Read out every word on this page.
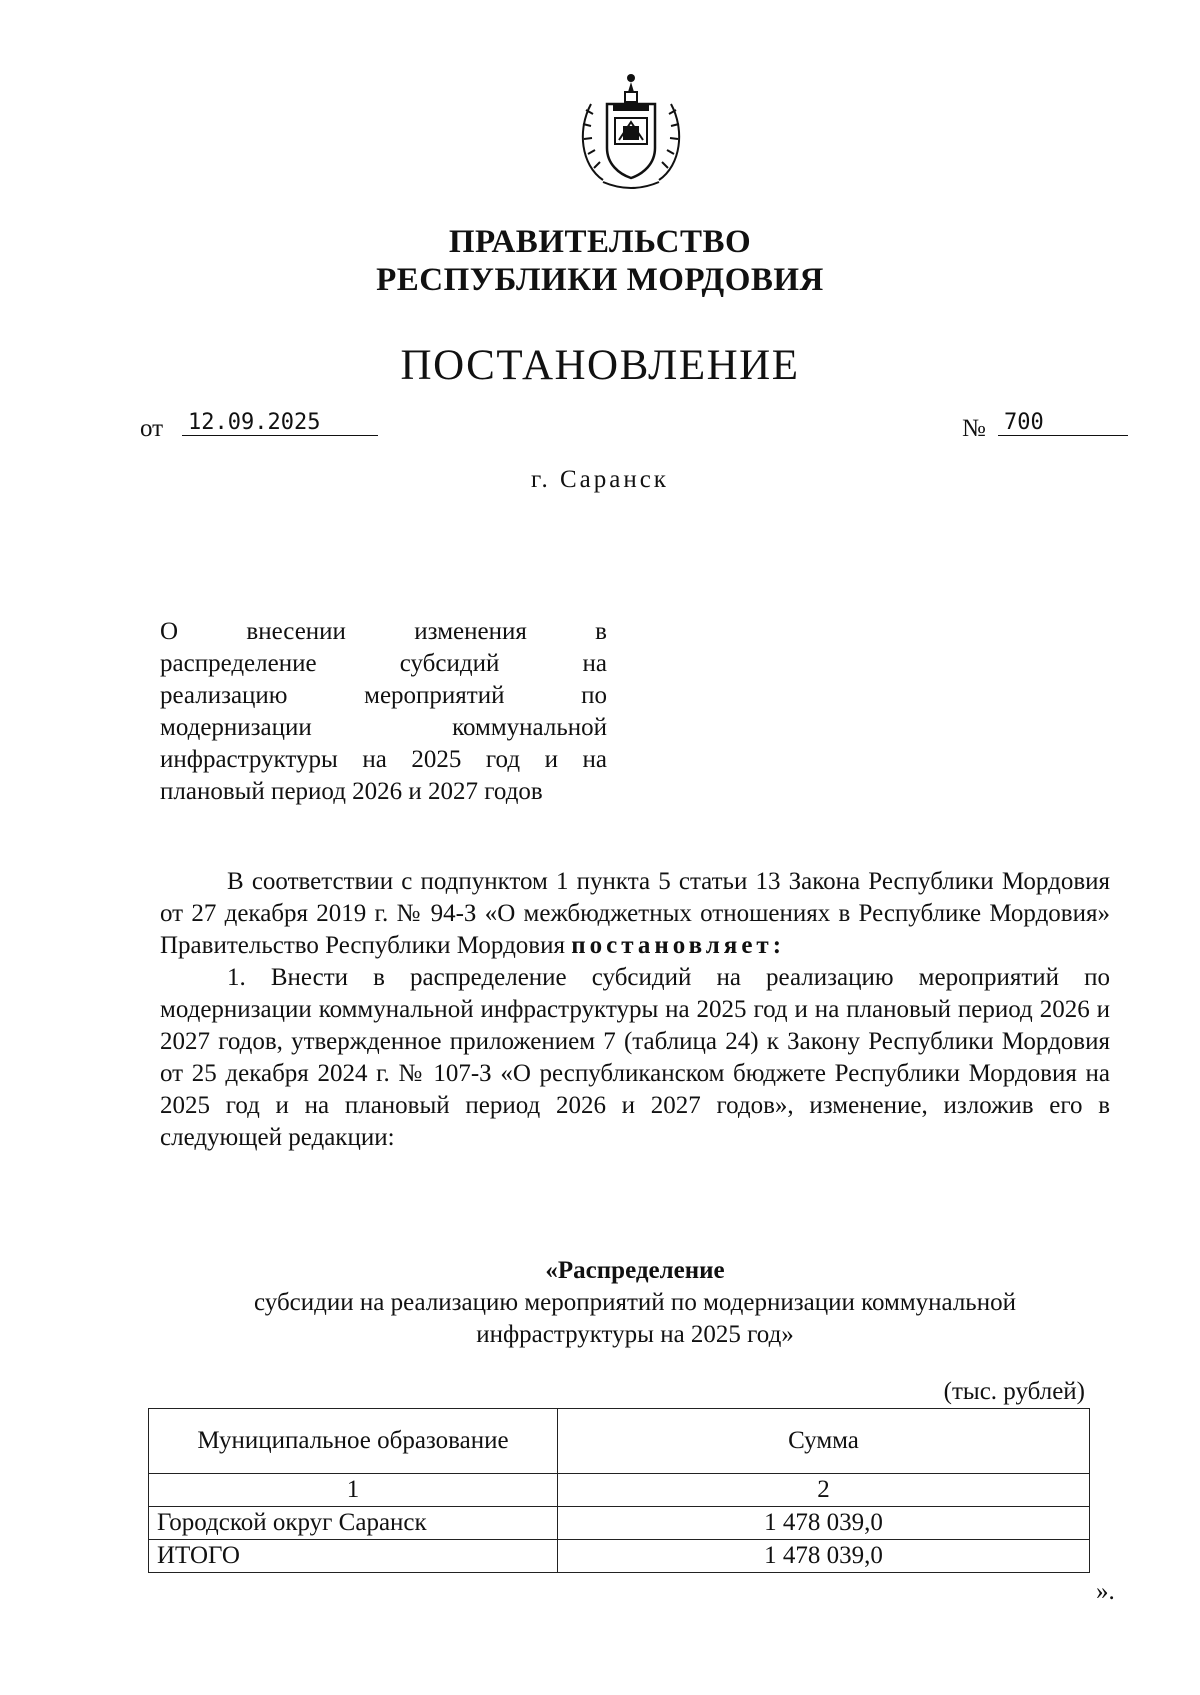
ПРАВИТЕЛЬСТВО
РЕСПУБЛИКИ МОРДОВИЯ
ПОСТАНОВЛЕНИЕ
от 12.09.2025	№ 700
г. Саранск
О внесении изменения в
распределение субсидий на
реализацию мероприятий по
модернизации коммунальной
инфраструктуры на 2025 год и на
плановый период 2026 и 2027 годов

В соответствии с подпунктом 1 пункта 5 статьи 13 Закона Республики Мордовия от 27 декабря 2019 г. № 94-З «О межбюджетных отношениях в Республике Мордовия» Правительство Республики Мордовия постановляет:

1. Внести в распределение субсидий на реализацию мероприятий по модернизации коммунальной инфраструктуры на 2025 год и на плановый период 2026 и 2027 годов, утвержденное приложением 7 (таблица 24) к Закону Республики Мордовия от 25 декабря 2024 г. № 107-З «О республиканском бюджете Республики Мордовия на 2025 год и на плановый период 2026 и 2027 годов», изменение, изложив его в следующей редакции:

«Распределение
субсидии на реализацию мероприятий по модернизации коммунальной
инфраструктуры на 2025 год»
(тыс. рублей)
Муниципальное образование	Сумма
1	2
Городской округ Саранск	1 478 039,0
ИТОГО	1 478 039,0
».
